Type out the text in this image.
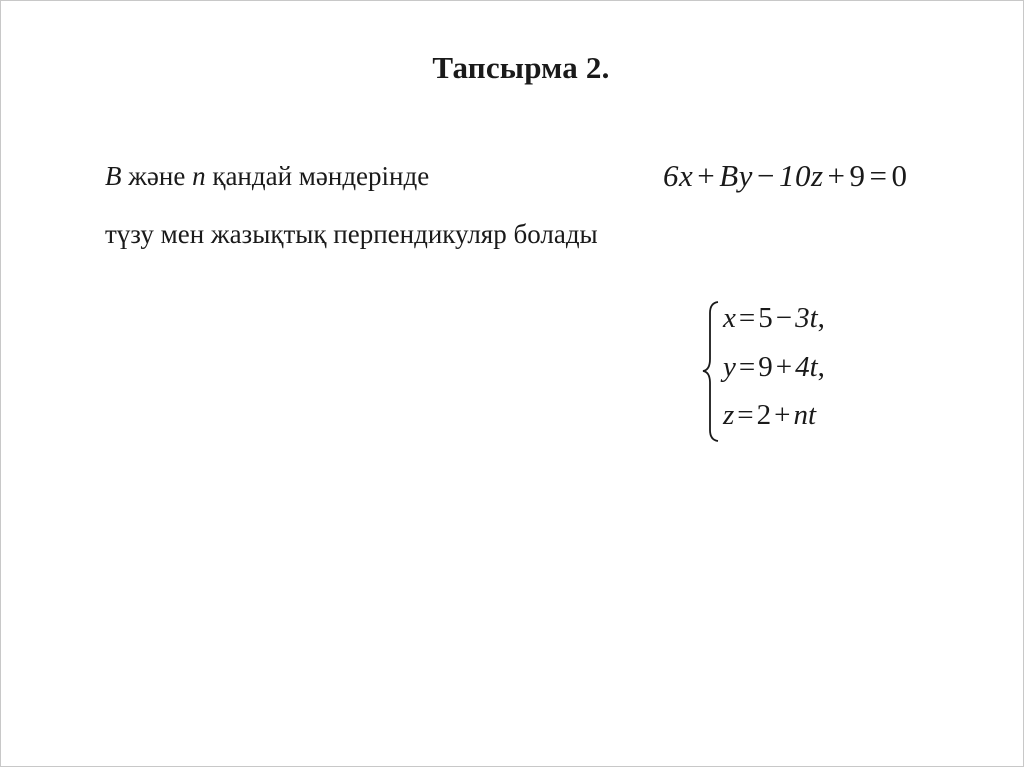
Тапсырма 2.
B және n қандай мәндерінде
түзу мен жазықтық перпендикуляр болады
6x + By − 10z + 9 = 0
x = 5 − 3t,
y = 9 + 4t,
z = 2 + nt
